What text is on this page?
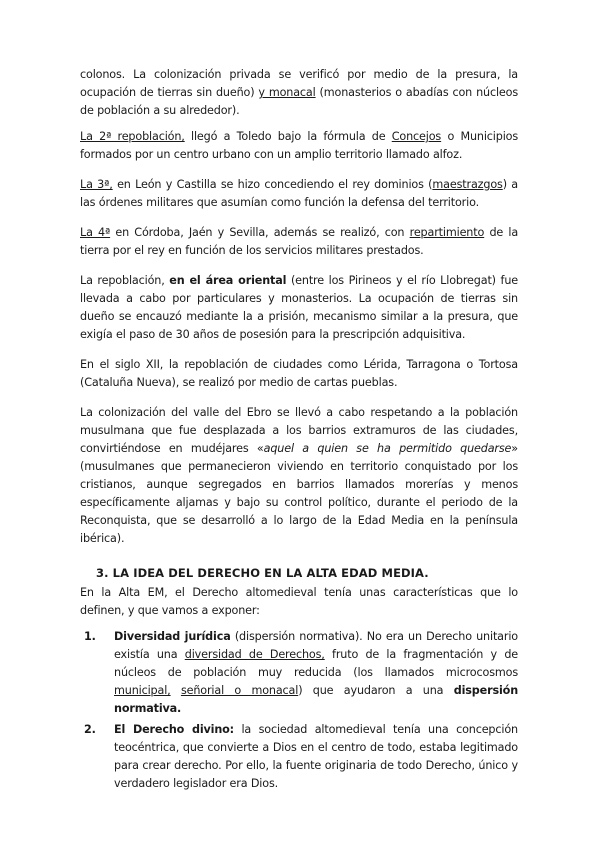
colonos. La colonización privada se verificó por medio de la presura, la ocupación de tierras sin dueño) y monacal (monasterios o abadías con núcleos de población a su alrededor).

La 2ª repoblación, llegó a Toledo bajo la fórmula de Concejos o Municipios formados por un centro urbano con un amplio territorio llamado alfoz.

La 3ª, en León y Castilla se hizo concediendo el rey dominios (maestrazgos) a las órdenes militares que asumían como función la defensa del territorio.

La 4ª en Córdoba, Jaén y Sevilla, además se realizó, con repartimiento de la tierra por el rey en función de los servicios militares prestados.

La repoblación, en el área oriental (entre los Pirineos y el río Llobregat) fue llevada a cabo por particulares y monasterios. La ocupación de tierras sin dueño se encauzó mediante la a prisión, mecanismo similar a la presura, que exigía el paso de 30 años de posesión para la prescripción adquisitiva.

En el siglo XII, la repoblación de ciudades como Lérida, Tarragona o Tortosa (Cataluña Nueva), se realizó por medio de cartas pueblas.

La colonización del valle del Ebro se llevó a cabo respetando a la población musulmana que fue desplazada a los barrios extramuros de las ciudades, convirtiéndose en mudéjares «aquel a quien se ha permitido quedarse» (musulmanes que permanecieron viviendo en territorio conquistado por los cristianos, aunque segregados en barrios llamados morerías y menos específicamente aljamas y bajo su control político, durante el periodo de la Reconquista, que se desarrolló a lo largo de la Edad Media en la península ibérica).

3. LA IDEA DEL DERECHO EN LA ALTA EDAD MEDIA.

En la Alta EM, el Derecho altomedieval tenía unas características que lo definen, y que vamos a exponer:

1. Diversidad jurídica (dispersión normativa). No era un Derecho unitario existía una diversidad de Derechos, fruto de la fragmentación y de núcleos de población muy reducida (los llamados microcosmos municipal, señorial o monacal) que ayudaron a una dispersión normativa.
2. El Derecho divino: la sociedad altomedieval tenía una concepción teocéntrica, que convierte a Dios en el centro de todo, estaba legitimado para crear derecho. Por ello, la fuente originaria de todo Derecho, único y verdadero legislador era Dios.
